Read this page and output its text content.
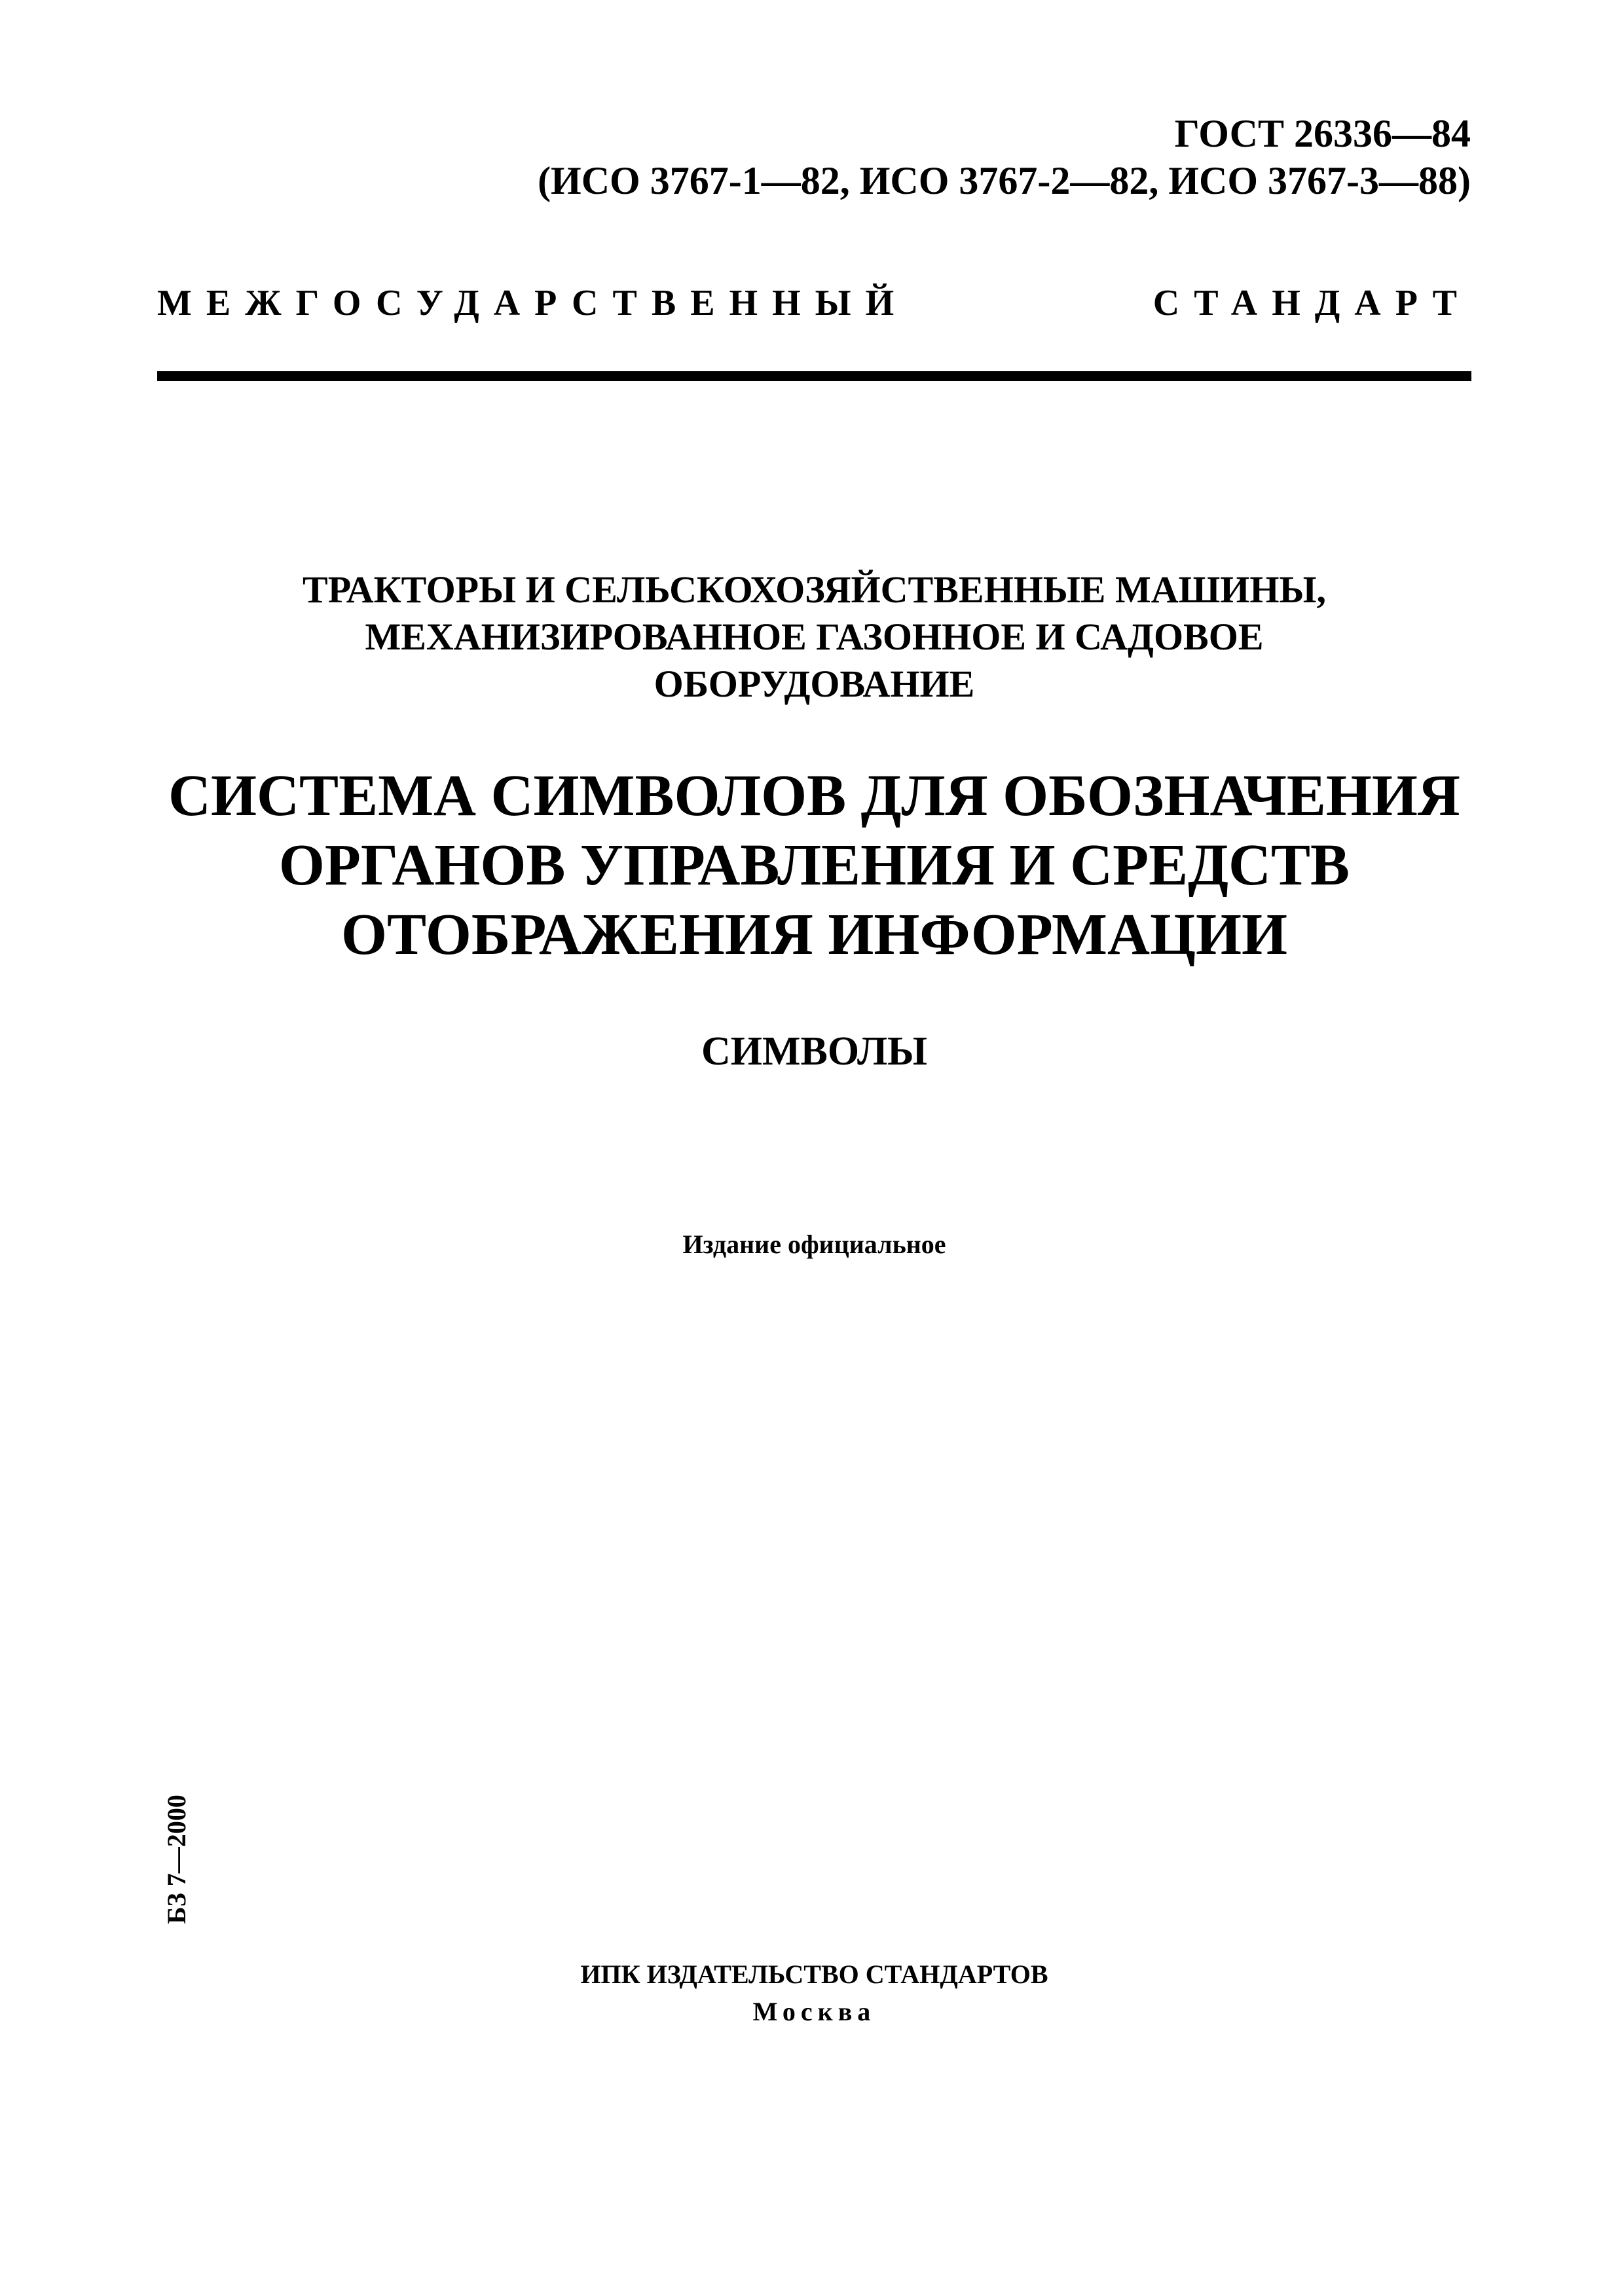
ГОСТ 26336—84
(ИСО 3767-1—82, ИСО 3767-2—82, ИСО 3767-3—88)
МЕЖГОСУДАРСТВЕННЫЙ СТАНДАРТ
ТРАКТОРЫ И СЕЛЬСКОХОЗЯЙСТВЕННЫЕ МАШИНЫ,
МЕХАНИЗИРОВАННОЕ ГАЗОННОЕ И САДОВОЕ
ОБОРУДОВАНИЕ
СИСТЕМА СИМВОЛОВ ДЛЯ ОБОЗНАЧЕНИЯ
ОРГАНОВ УПРАВЛЕНИЯ И СРЕДСТВ
ОТОБРАЖЕНИЯ ИНФОРМАЦИИ
СИМВОЛЫ
Издание официальное
БЗ 7—2000
ИПК ИЗДАТЕЛЬСТВО СТАНДАРТОВ
Москва
